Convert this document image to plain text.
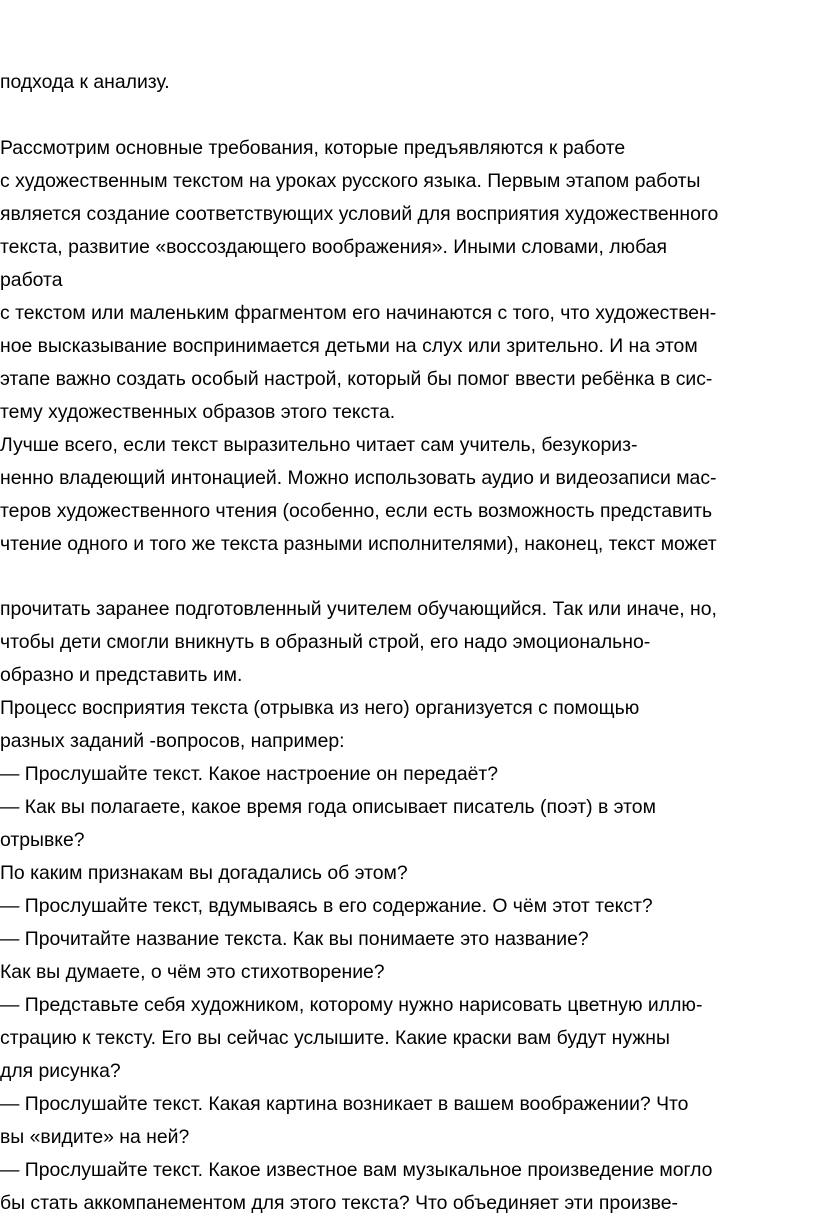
подхода к анализу.
Рассмотрим основные требования, которые предъявляются к работе
с художественным текстом на уроках русского языка. Первым этапом работы
является создание соответствующих условий для восприятия художественного
текста, развитие «воссоздающего воображения». Иными словами, любая
работа
с текстом или маленьким фрагментом его начинаются с того, что художествен-
ное высказывание воспринимается детьми на слух или зрительно. И на этом
этапе важно создать особый настрой, который бы помог ввести ребёнка в сис-
тему художественных образов этого текста.
Лучше всего, если текст выразительно читает сам учитель, безукориз-
ненно владеющий интонацией. Можно использовать аудио и видеозаписи мас-
теров художественного чтения (особенно, если есть возможность представить
чтение одного и того же текста разными исполнителями), наконец, текст может
прочитать заранее подготовленный учителем обучающийся. Так или иначе, но,
чтобы дети смогли вникнуть в образный строй, его надо эмоционально-
образно и представить им.
Процесс восприятия текста (отрывка из него) организуется с помощью
разных заданий -вопросов, например:
— Прослушайте текст. Какое настроение он передаёт?
— Как вы полагаете, какое время года описывает писатель (поэт) в этом
отрывке?
По каким признакам вы догадались об этом?
— Прослушайте текст, вдумываясь в его содержание. О чём этот текст?
— Прочитайте название текста. Как вы понимаете это название?
Как вы думаете, о чём это стихотворение?
— Представьте себя художником, которому нужно нарисовать цветную иллю-
страцию к тексту. Его вы сейчас услышите. Какие краски вам будут нужны
для рисунка?
— Прослушайте текст. Какая картина возникает в вашем воображении? Что
вы «видите» на ней?
— Прослушайте текст. Какое известное вам музыкальное произведение могло
бы стать аккомпанементом для этого текста? Что объединяет эти произве-
